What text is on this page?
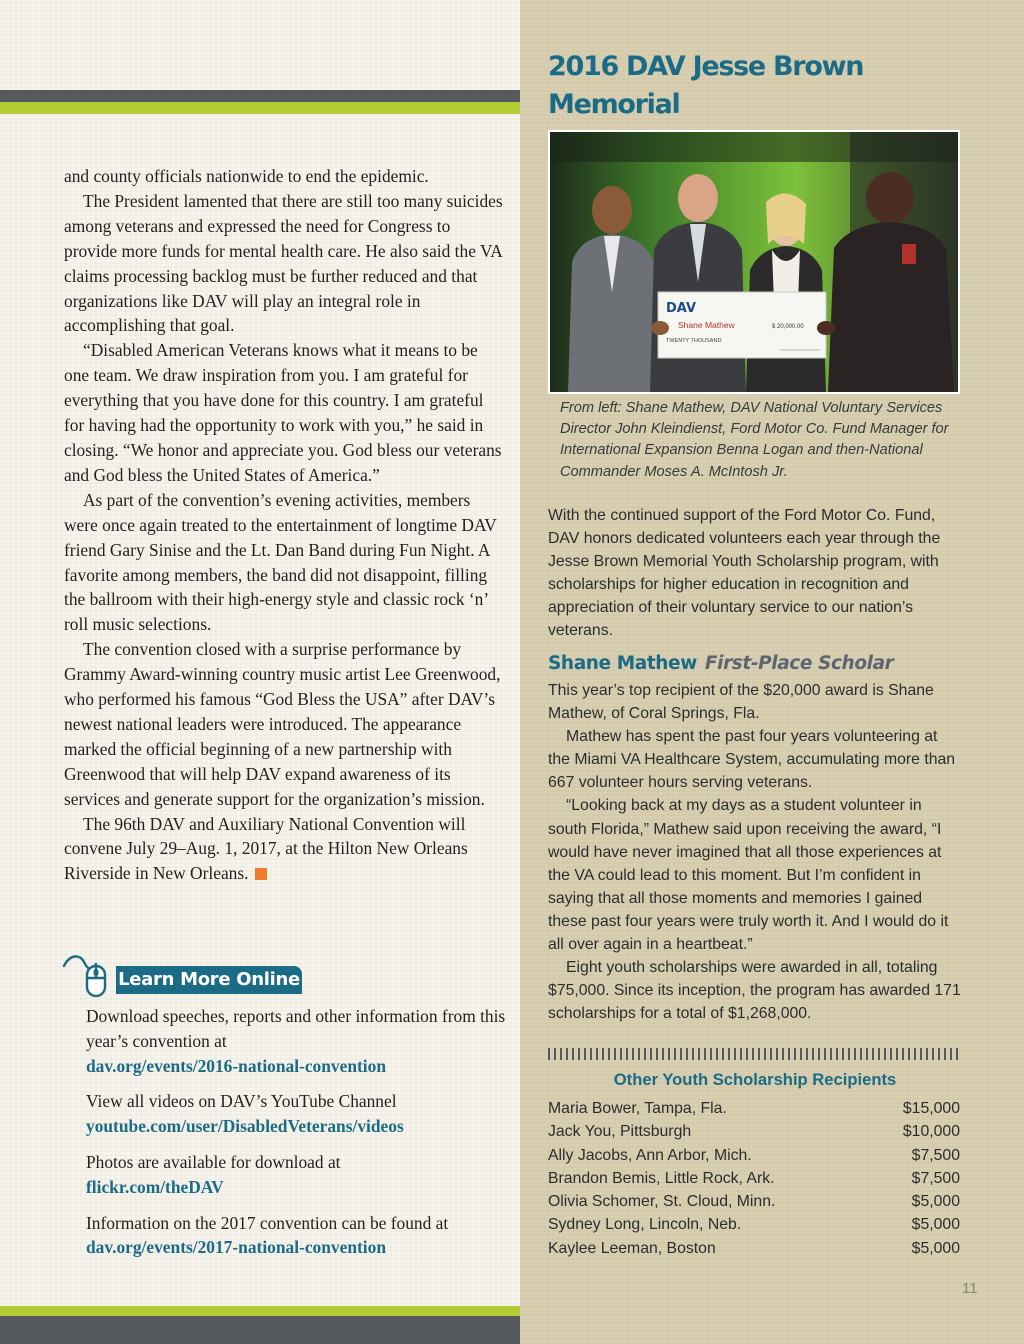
and county officials nationwide to end the epidemic.

The President lamented that there are still too many suicides among veterans and expressed the need for Congress to provide more funds for mental health care. He also said the VA claims processing backlog must be further reduced and that organizations like DAV will play an integral role in accomplishing that goal.

“Disabled American Veterans knows what it means to be one team. We draw inspiration from you. I am grateful for everything that you have done for this country. I am grateful for having had the opportunity to work with you,” he said in closing. “We honor and appreciate you. God bless our veterans and God bless the United States of America.”

As part of the convention’s evening activities, members were once again treated to the entertainment of longtime DAV friend Gary Sinise and the Lt. Dan Band during Fun Night. A favorite among members, the band did not disappoint, filling the ballroom with their high-energy style and classic rock ‘n’ roll music selections.

The convention closed with a surprise performance by Grammy Award-winning country music artist Lee Greenwood, who performed his famous “God Bless the USA” after DAV’s newest national leaders were introduced. The appearance marked the official beginning of a new partnership with Greenwood that will help DAV expand awareness of its services and generate support for the organization’s mission.

The 96th DAV and Auxiliary National Convention will convene July 29–Aug. 1, 2017, at the Hilton New Orleans Riverside in New Orleans.

Learn More Online
Download speeches, reports and other information from this year’s convention at
dav.org/events/2016-national-convention
View all videos on DAV’s YouTube Channel
youtube.com/user/DisabledVeterans/videos
Photos are available for download at
flickr.com/theDAV
Information on the 2017 convention can be found at
dav.org/events/2017-national-convention
2016 DAV Jesse Brown Memorial
DAV
Shane Mathew
TWENTY THOUSAND
$ 20,000.00
From left: Shane Mathew, DAV National Voluntary Services Director John Kleindienst, Ford Motor Co. Fund Manager for International Expansion Benna Logan and then-National Commander Moses A. McIntosh Jr.
With the continued support of the Ford Motor Co. Fund, DAV honors dedicated volunteers each year through the Jesse Brown Memorial Youth Scholarship program, with scholarships for higher education in recognition and appreciation of their voluntary service to our nation’s veterans.
Shane Mathew First-Place Scholar

This year’s top recipient of the $20,000 award is Shane Mathew, of Coral Springs, Fla.

Mathew has spent the past four years volunteering at the Miami VA Healthcare System, accumulating more than 667 volunteer hours serving veterans.

“Looking back at my days as a student volunteer in south Florida,” Mathew said upon receiving the award, “I would have never imagined that all those experiences at the VA could lead to this moment. But I’m confident in saying that all those moments and memories I gained these past four years were truly worth it. And I would do it all over again in a heartbeat.”

Eight youth scholarships were awarded in all, totaling $75,000. Since its inception, the program has awarded 171 scholarships for a total of $1,268,000.

Other Youth Scholarship Recipients
Maria Bower, Tampa, Fla.	$15,000
Jack You, Pittsburgh	$10,000
Ally Jacobs, Ann Arbor, Mich.	$7,500
Brandon Bemis, Little Rock, Ark.	$7,500
Olivia Schomer, St. Cloud, Minn.	$5,000
Sydney Long, Lincoln, Neb.	$5,000
Kaylee Leeman, Boston	$5,000
11
